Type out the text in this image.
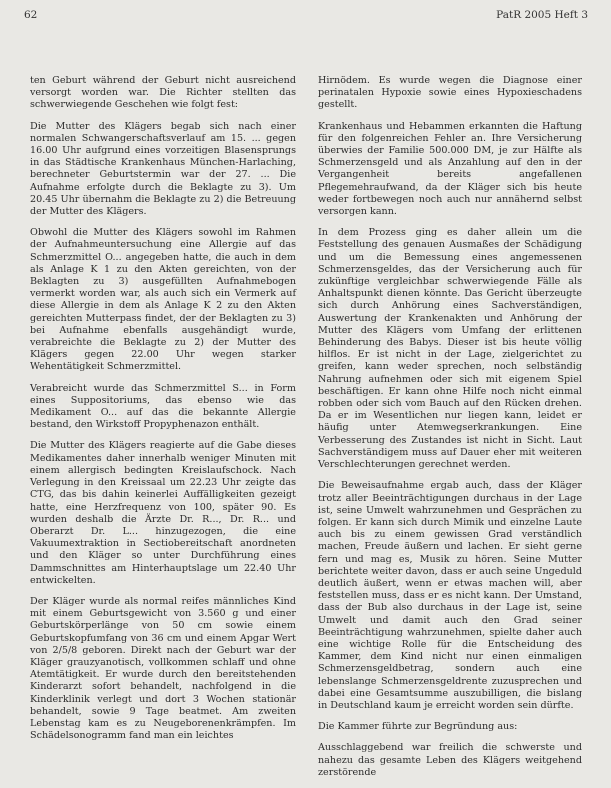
62	PatR 2005 Heft 3

ten Geburt während der Geburt nicht ausreichend versorgt worden war. Die Richter stellten das schwerwiegende Geschehen wie folgt fest:

Die Mutter des Klägers begab sich nach einer normalen Schwangerschaftsverlauf am 15. ... gegen 16.00 Uhr aufgrund eines vorzeitigen Blasensprungs in das Städtische Krankenhaus München-Harlaching, berechneter Geburtstermin war der 27. ... Die Aufnahme erfolgte durch die Beklagte zu 3). Um 20.45 Uhr übernahm die Beklagte zu 2) die Betreuung der Mutter des Klägers.

Obwohl die Mutter des Klägers sowohl im Rahmen der Aufnahmeuntersuchung eine Allergie auf das Schmerzmittel O... angegeben hatte, die auch in dem als Anlage K 1 zu den Akten gereichten, von der Beklagten zu 3) ausgefüllten Aufnahmebogen vermerkt worden war, als auch sich ein Vermerk auf diese Allergie in dem als Anlage K 2 zu den Akten gereichten Mutterpass findet, der der Beklagten zu 3) bei Aufnahme ebenfalls ausgehändigt wurde, verabreichte die Beklagte zu 2) der Mutter des Klägers gegen 22.00 Uhr wegen starker Wehentätigkeit Schmerzmittel.

Verabreicht wurde das Schmerzmittel S... in Form eines Suppositoriums, das ebenso wie das Medikament O... auf das die bekannte Allergie bestand, den Wirkstoff Propyphenazon enthält.

Die Mutter des Klägers reagierte auf die Gabe dieses Medikamentes daher innerhalb weniger Minuten mit einem allergisch bedingten Kreislaufschock. Nach Verlegung in den Kreissaal um 22.23 Uhr zeigte das CTG, das bis dahin keinerlei Auffälligkeiten gezeigt hatte, eine Herzfrequenz von 100, später 90. Es wurden deshalb die Ärzte Dr. R..., Dr. R... und Oberarzt Dr. L... hinzugezogen, die eine Vakuumextraktion in Sectiobereitschaft anordneten und den Kläger so unter Durchführung eines Dammschnittes am Hinterhauptslage um 22.40 Uhr entwickelten.

Der Kläger wurde als normal reifes männliches Kind mit einem Geburtsgewicht von 3.560 g und einer Geburtskörperlänge von 50 cm sowie einem Geburtskopfumfang von 36 cm und einem Apgar Wert von 2/5/8 geboren. Direkt nach der Geburt war der Kläger grauzyanotisch, vollkommen schlaff und ohne Atemtätigkeit. Er wurde durch den bereitstehenden Kinderarzt sofort behandelt, nachfolgend in die Kinderklinik verlegt und dort 3 Wochen stationär behandelt, sowie 9 Tage beatmet. Am zweiten Lebenstag kam es zu Neugeborenenkrämpfen. Im Schädelsonogramm fand man ein leichtes

Hirnödem. Es wurde wegen die Diagnose einer perinatalen Hypoxie sowie eines Hypoxieschadens gestellt.

Krankenhaus und Hebammen erkannten die Haftung für den folgenreichen Fehler an. Ihre Versicherung überwies der Familie 500.000 DM, je zur Hälfte als Schmerzensgeld und als Anzahlung auf den in der Vergangenheit bereits angefallenen Pflegemehraufwand, da der Kläger sich bis heute weder fortbewegen noch auch nur annähernd selbst versorgen kann.

In dem Prozess ging es daher allein um die Feststellung des genauen Ausmaßes der Schädigung und um die Bemessung eines angemessenen Schmerzensgeldes, das der Versicherung auch für zukünftige vergleichbar schwerwiegende Fälle als Anhaltspunkt dienen könnte. Das Gericht überzeugte sich durch Anhörung eines Sachverständigen, Auswertung der Krankenakten und Anhörung der Mutter des Klägers vom Umfang der erlittenen Behinderung des Babys. Dieser ist bis heute völlig hilflos. Er ist nicht in der Lage, zielgerichtet zu greifen, kann weder sprechen, noch selbständig Nahrung aufnehmen oder sich mit eigenem Spiel beschäftigen. Er kann ohne Hilfe noch nicht einmal robben oder sich vom Bauch auf den Rücken drehen. Da er im Wesentlichen nur liegen kann, leidet er häufig unter Atemwegserkrankungen. Eine Verbesserung des Zustandes ist nicht in Sicht. Laut Sachverständigem muss auf Dauer eher mit weiteren Verschlechterungen gerechnet werden.

Die Beweisaufnahme ergab auch, dass der Kläger trotz aller Beeinträchtigungen durchaus in der Lage ist, seine Umwelt wahrzunehmen und Gesprächen zu folgen. Er kann sich durch Mimik und einzelne Laute auch bis zu einem gewissen Grad verständlich machen, Freude äußern und lachen. Er sieht gerne fern und mag es, Musik zu hören. Seine Mutter berichtete weiter davon, dass er auch seine Ungeduld deutlich äußert, wenn er etwas machen will, aber feststellen muss, dass er es nicht kann. Der Umstand, dass der Bub also durchaus in der Lage ist, seine Umwelt und damit auch den Grad seiner Beeinträchtigung wahrzunehmen, spielte daher auch eine wichtige Rolle für die Entscheidung des Kammer, dem Kind nicht nur einen einmaligen Schmerzensgeldbetrag, sondern auch eine lebenslange Schmerzensgeldrente zuzusprechen und dabei eine Gesamtsumme auszubilligen, die bislang in Deutschland kaum je erreicht worden sein dürfte.

Die Kammer führte zur Begründung aus:

Ausschlaggebend war freilich die schwerste und nahezu das gesamte Leben des Klägers weitgehend zerstörende
